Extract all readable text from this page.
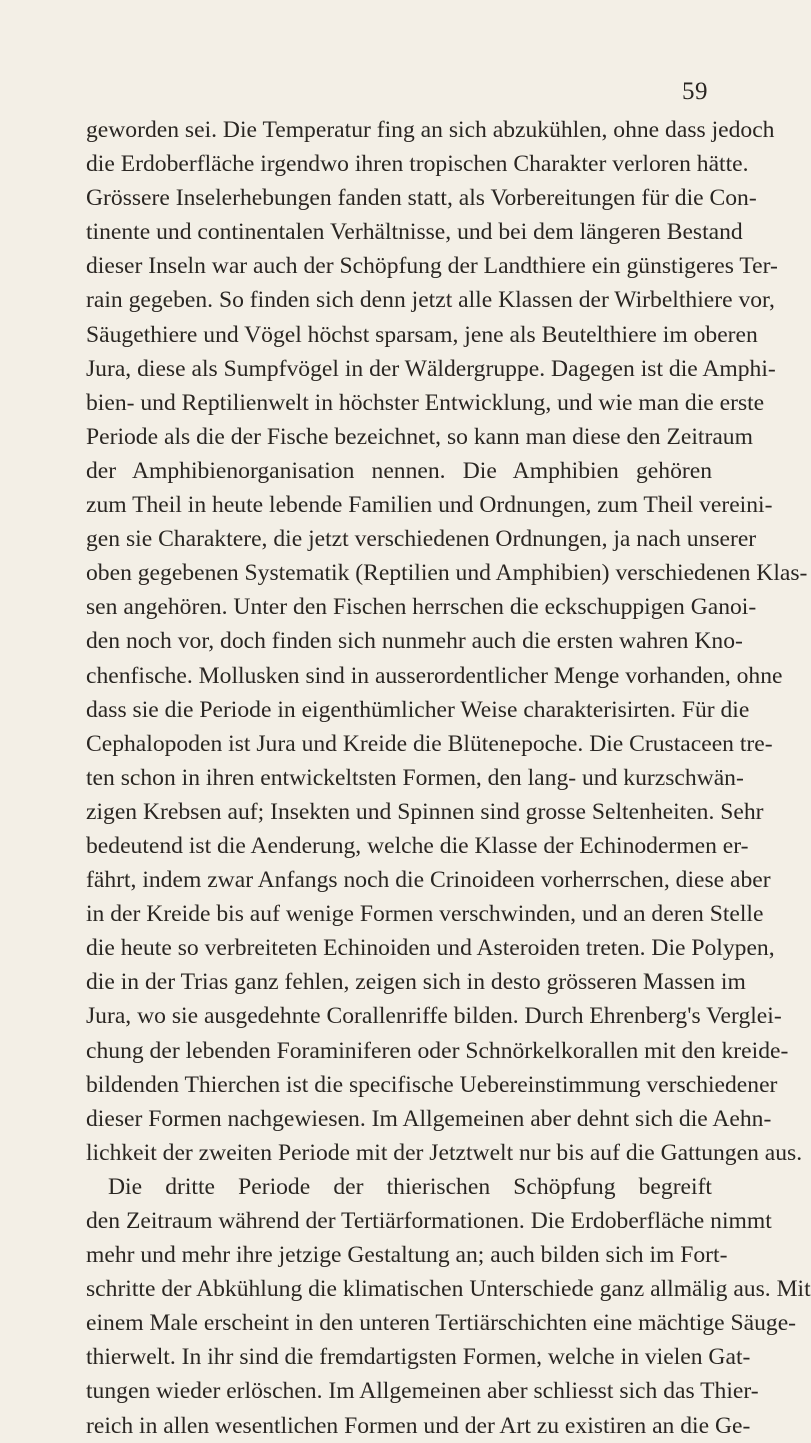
59
geworden sei. Die Temperatur fing an sich abzukühlen, ohne dass jedoch
die Erdoberfläche irgendwo ihren tropischen Charakter verloren hätte.
Grössere Inselerhebungen fanden statt, als Vorbereitungen für die Con-
tinente und continentalen Verhältnisse, und bei dem längeren Bestand
dieser Inseln war auch der Schöpfung der Landthiere ein günstigeres Ter-
rain gegeben. So finden sich denn jetzt alle Klassen der Wirbelthiere vor,
Säugethiere und Vögel höchst sparsam, jene als Beutelthiere im oberen
Jura, diese als Sumpfvögel in der Wäldergruppe. Dagegen ist die Amphi-
bien- und Reptilienwelt in höchster Entwicklung, und wie man die erste
Periode als die der Fische bezeichnet, so kann man diese den Zeitraum
der Amphibienorganisation nennen. Die Amphibien gehören
zum Theil in heute lebende Familien und Ordnungen, zum Theil vereini-
gen sie Charaktere, die jetzt verschiedenen Ordnungen, ja nach unserer
oben gegebenen Systematik (Reptilien und Amphibien) verschiedenen Klas-
sen angehören. Unter den Fischen herrschen die eckschuppigen Ganoi-
den noch vor, doch finden sich nunmehr auch die ersten wahren Kno-
chenfische. Mollusken sind in ausserordentlicher Menge vorhanden, ohne
dass sie die Periode in eigenthümlicher Weise charakterisirten. Für die
Cephalopoden ist Jura und Kreide die Blütenepoche. Die Crustaceen tre-
ten schon in ihren entwickeltsten Formen, den lang- und kurzschwän-
zigen Krebsen auf; Insekten und Spinnen sind grosse Seltenheiten. Sehr
bedeutend ist die Aenderung, welche die Klasse der Echinodermen er-
fährt, indem zwar Anfangs noch die Crinoideen vorherrschen, diese aber
in der Kreide bis auf wenige Formen verschwinden, und an deren Stelle
die heute so verbreiteten Echinoiden und Asteroiden treten. Die Polypen,
die in der Trias ganz fehlen, zeigen sich in desto grösseren Massen im
Jura, wo sie ausgedehnte Corallenriffe bilden. Durch Ehrenberg's Verglei-
chung der lebenden Foraminiferen oder Schnörkelkorallen mit den kreide-
bildenden Thierchen ist die specifische Uebereinstimmung verschiedener
dieser Formen nachgewiesen. Im Allgemeinen aber dehnt sich die Aehn-
lichkeit der zweiten Periode mit der Jetztwelt nur bis auf die Gattungen aus.
Die dritte Periode der thierischen Schöpfung begreift
den Zeitraum während der Tertiärformationen. Die Erdoberfläche nimmt
mehr und mehr ihre jetzige Gestaltung an; auch bilden sich im Fort-
schritte der Abkühlung die klimatischen Unterschiede ganz allmälig aus. Mit
einem Male erscheint in den unteren Tertiärschichten eine mächtige Säuge-
thierwelt. In ihr sind die fremdartigsten Formen, welche in vielen Gat-
tungen wieder erlöschen. Im Allgemeinen aber schliesst sich das Thier-
reich in allen wesentlichen Formen und der Art zu existiren an die Ge-
